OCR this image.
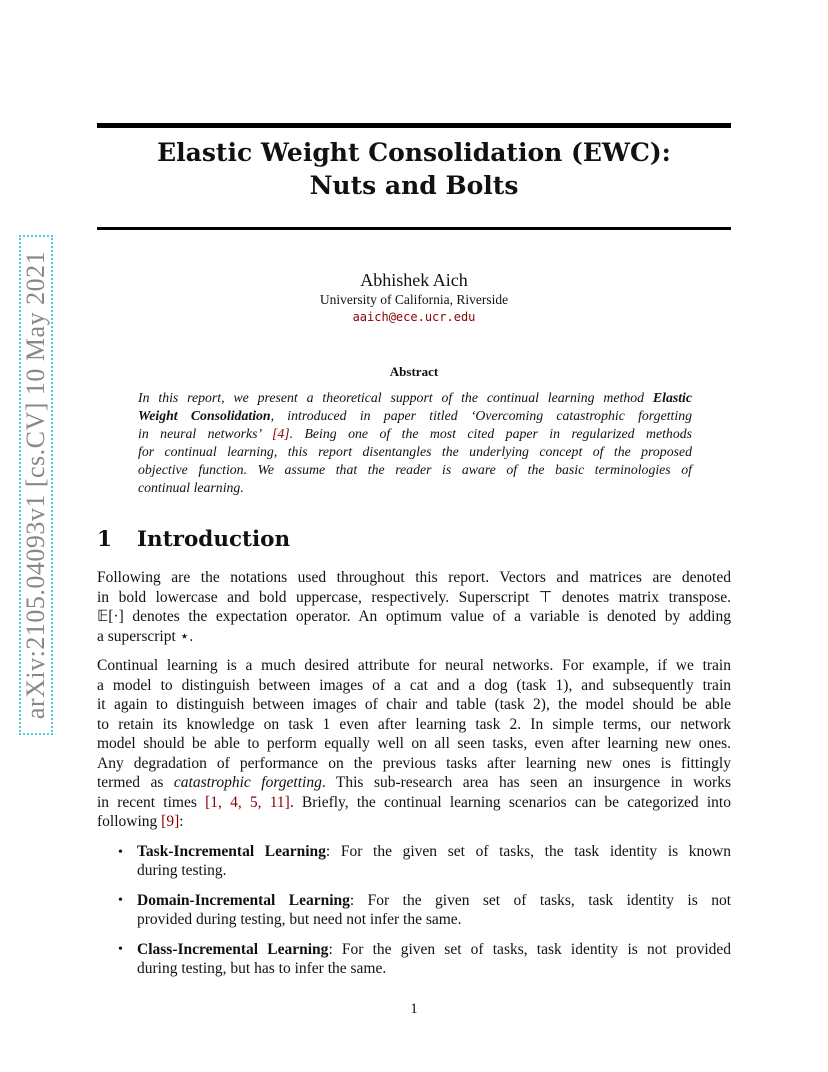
arXiv:2105.04093v1 [cs.CV] 10 May 2021
Elastic Weight Consolidation (EWC):
Nuts and Bolts
Abhishek Aich
University of California, Riverside
aaich@ece.ucr.edu
Abstract
In this report, we present a theoretical support of the continual learning method Elastic
Weight Consolidation, introduced in paper titled ‘Overcoming catastrophic forgetting
in neural networks’ [4]. Being one of the most cited paper in regularized methods
for continual learning, this report disentangles the underlying concept of the proposed
objective function. We assume that the reader is aware of the basic terminologies of
continual learning.
1 Introduction
Following are the notations used throughout this report. Vectors and matrices are denoted
in bold lowercase and bold uppercase, respectively. Superscript ⊤ denotes matrix transpose.
𝔼[·] denotes the expectation operator. An optimum value of a variable is denoted by adding
a superscript ⋆.
Continual learning is a much desired attribute for neural networks. For example, if we train
a model to distinguish between images of a cat and a dog (task 1), and subsequently train
it again to distinguish between images of chair and table (task 2), the model should be able
to retain its knowledge on task 1 even after learning task 2. In simple terms, our network
model should be able to perform equally well on all seen tasks, even after learning new ones.
Any degradation of performance on the previous tasks after learning new ones is fittingly
termed as catastrophic forgetting. This sub-research area has seen an insurgence in works
in recent times [1, 4, 5, 11]. Briefly, the continual learning scenarios can be categorized into
following [9]:
• Task-Incremental Learning: For the given set of tasks, the task identity is known
during testing.
• Domain-Incremental Learning: For the given set of tasks, task identity is not
provided during testing, but need not infer the same.
• Class-Incremental Learning: For the given set of tasks, task identity is not provided
during testing, but has to infer the same.
1
